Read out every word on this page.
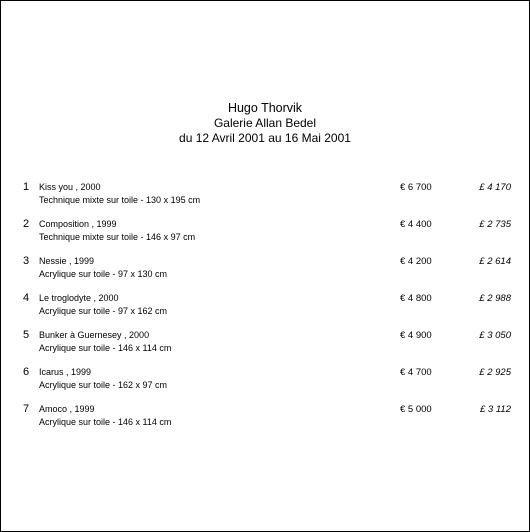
Hugo Thorvik
Galerie Allan Bedel
du 12 Avril 2001 au 16 Mai 2001
1 Kiss you , 2000
Technique mixte sur toile - 130 x 195 cm
€ 6 700	£ 4 170
2 Composition , 1999
Technique mixte sur toile - 146 x 97 cm
€ 4 400	£ 2 735
3 Nessie , 1999
Acrylique sur toile - 97 x 130 cm
€ 4 200	£ 2 614
4 Le troglodyte , 2000
Acrylique sur toile - 97 x 162 cm
€ 4 800	£ 2 988
5 Bunker à Guernesey , 2000
Acrylique sur toile - 146 x 114 cm
€ 4 900	£ 3 050
6 Icarus , 1999
Acrylique sur toile - 162 x 97 cm
€ 4 700	£ 2 925
7 Amoco , 1999
Acrylique sur toile - 146 x 114 cm
€ 5 000	£ 3 112
